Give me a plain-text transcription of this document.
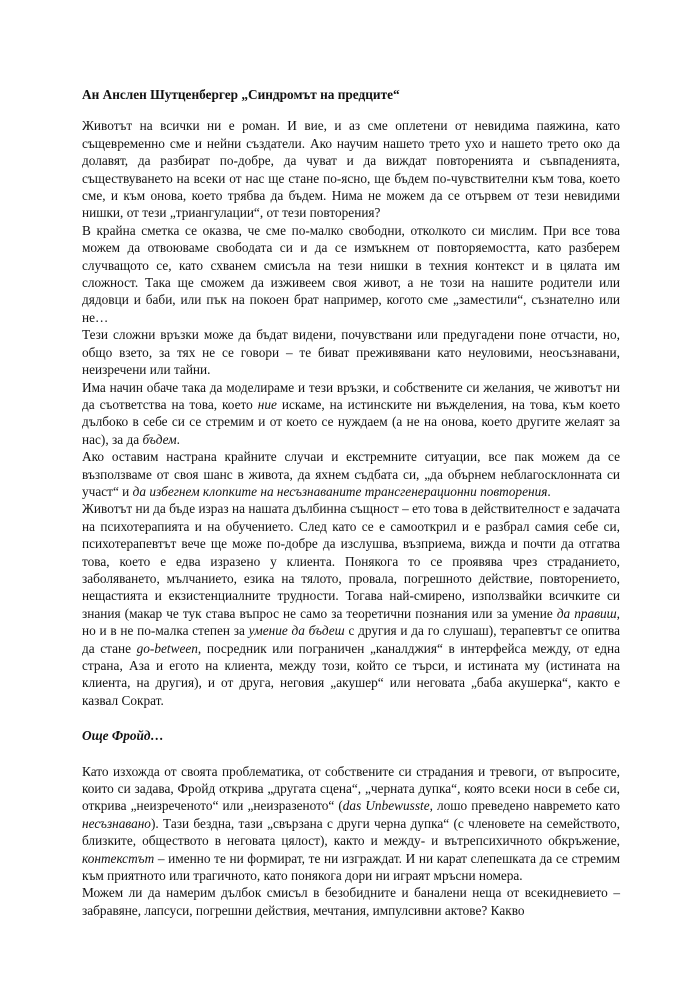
Ан Анслен Шутценбергер „Синдромът на предците“

Животът на всички ни е роман. И вие, и аз сме оплетени от невидима паяжина, като същевременно сме и нейни създатели. Ако научим нашето трето ухо и нашето трето око да долавят, да разбират по-добре, да чуват и да виждат повторенията и съвпаденията, съществуването на всеки от нас ще стане по-ясно, ще бъдем по-чувствителни към това, което сме, и към онова, което трябва да бъдем. Нима не можем да се отървем от тези невидими нишки, от тези „триангулации“, от тези повторения?

В крайна сметка се оказва, че сме по-малко свободни, отколкото си мислим. При все това можем да отвоюваме свободата си и да се измъкнем от повторяемостта, като разберем случващото се, като схванем смисъла на тези нишки в техния контекст и в цялата им сложност. Така ще сможем да изживеем своя живот, а не този на нашите родители или дядовци и баби, или пък на покоен брат например, когото сме „заместили“, съзнателно или не…

Тези сложни връзки може да бъдат видени, почувствани или предугадени поне отчасти, но, общо взето, за тях не се говори – те биват преживявани като неуловими, неосъзнавани, неизречени или тайни.

Има начин обаче така да моделираме и тези връзки, и собствените си желания, че животът ни да съответства на това, което ние искаме, на истинските ни въжделения, на това, към което дълбоко в себе си се стремим и от което се нуждаем (а не на онова, което другите желаят за нас), за да бъдем.

Ако оставим настрана крайните случаи и екстремните ситуации, все пак можем да се възползваме от своя шанс в живота, да яхнем съдбата си, „да обърнем неблагосклонната си участ“ и да избегнем клопките на несъзнаваните трансгенерационни повторения.

Животът ни да бъде израз на нашата дълбинна същност – ето това в действителност е задачата на психотерапията и на обучението. След като се е самооткрил и е разбрал самия себе си, психотерапевтът вече ще може по-добре да изслушва, възприема, вижда и почти да отгатва това, което е едва изразено у клиента. Понякога то се проявява чрез страданието, заболяването, мълчанието, езика на тялото, провала, погрешното действие, повторението, нещастията и екзистенциалните трудности. Тогава най-смирено, използвайки всичките си знания (макар че тук става въпрос не само за теоретични познания или за умение да правиш, но и в не по-малка степен за умение да бъдеш с другия и да го слушаш), терапевтът се опитва да стане go-between, посредник или пограничен „каналджия“ в интерфейса между, от една страна, Аза и егото на клиента, между този, който се търси, и истината му (истината на клиента, на другия), и от друга, неговия „акушер“ или неговата „баба акушерка“, както е казвал Сократ.

Още Фройд…

Като изхожда от своята проблематика, от собствените си страдания и тревоги, от въпросите, които си задава, Фройд открива „другата сцена“, „черната дупка“, която всеки носи в себе си, открива „неизреченото“ или „неизразеното“ (das Unbewusste, лошо преведено навремето като несъзнавано). Тази бездна, тази „свързана с други черна дупка“ (с членовете на семейството, близките, обществото в неговата цялост), както и между- и вътрепсихичното обкръжение, контекстът – именно те ни формират, те ни изграждат. И ни карат слепешката да се стремим към приятното или трагичното, като понякога дори ни играят мръсни номера.

Можем ли да намерим дълбок смисъл в безобидните и баналени неща от всекидневието – забравяне, лапсуси, погрешни действия, мечтания, импулсивни актове? Какво
